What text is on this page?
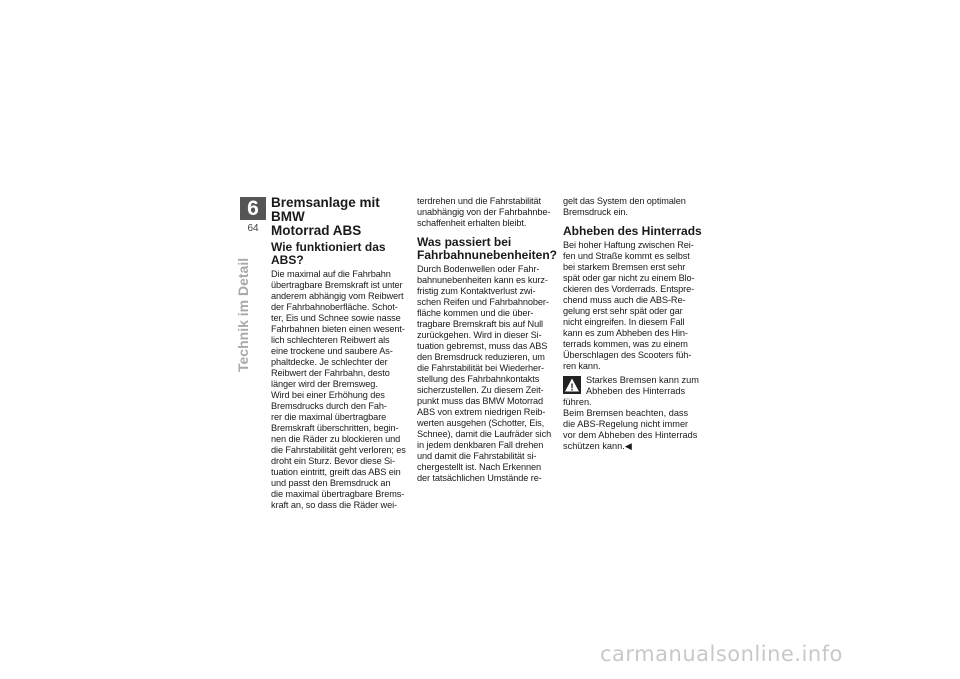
6
64
Technik im Detail
Bremsanlage mit BMW
Motorrad ABS
Wie funktioniert das ABS?

Die maximal auf die Fahrbahn
übertragbare Bremskraft ist unter
anderem abhängig vom Reibwert
der Fahrbahnoberfläche. Schot-
ter, Eis und Schnee sowie nasse
Fahrbahnen bieten einen wesent-
lich schlechteren Reibwert als
eine trockene und saubere As-
phaltdecke. Je schlechter der
Reibwert der Fahrbahn, desto
länger wird der Bremsweg.
Wird bei einer Erhöhung des
Bremsdrucks durch den Fah-
rer die maximal übertragbare
Bremskraft überschritten, begin-
nen die Räder zu blockieren und
die Fahrstabilität geht verloren; es
droht ein Sturz. Bevor diese Si-
tuation eintritt, greift das ABS ein
und passt den Bremsdruck an
die maximal übertragbare Brems-
kraft an, so dass die Räder wei-

terdrehen und die Fahrstabilität
unabhängig von der Fahrbahnbe-
schaffenheit erhalten bleibt.

Was passiert bei
Fahrbahnunebenheiten?

Durch Bodenwellen oder Fahr-
bahnunebenheiten kann es kurz-
fristig zum Kontaktverlust zwi-
schen Reifen und Fahrbahnober-
fläche kommen und die über-
tragbare Bremskraft bis auf Null
zurückgehen. Wird in dieser Si-
tuation gebremst, muss das ABS
den Bremsdruck reduzieren, um
die Fahrstabilität bei Wiederher-
stellung des Fahrbahnkontakts
sicherzustellen. Zu diesem Zeit-
punkt muss das BMW Motorrad
ABS von extrem niedrigen Reib-
werten ausgehen (Schotter, Eis,
Schnee), damit die Laufräder sich
in jedem denkbaren Fall drehen
und damit die Fahrstabilität si-
chergestellt ist. Nach Erkennen
der tatsächlichen Umstände re-

gelt das System den optimalen
Bremsdruck ein.

Abheben des Hinterrads

Bei hoher Haftung zwischen Rei-
fen und Straße kommt es selbst
bei starkem Bremsen erst sehr
spät oder gar nicht zu einem Blo-
ckieren des Vorderrads. Entspre-
chend muss auch die ABS-Re-
gelung erst sehr spät oder gar
nicht eingreifen. In diesem Fall
kann es zum Abheben des Hin-
terrads kommen, was zu einem
Überschlagen des Scooters füh-
ren kann.

!

Starkes Bremsen kann zum
Abheben des Hinterrads

führen.
Beim Bremsen beachten, dass
die ABS-Regelung nicht immer
vor dem Abheben des Hinterrads
schützen kann.◀

carmanualsonline.info
